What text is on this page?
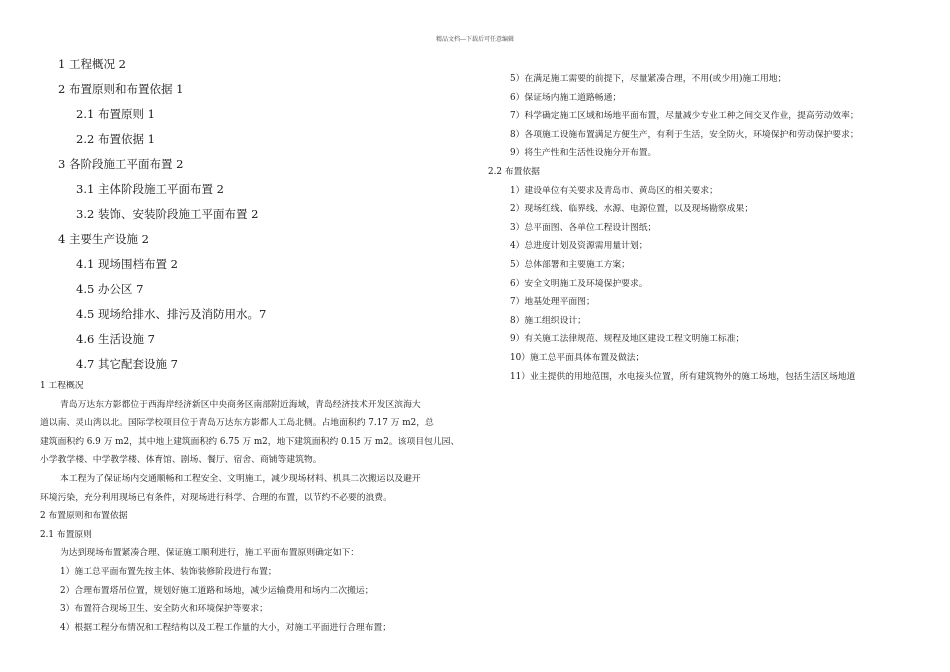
精品文档---下载后可任意编辑
1 工程概况 2
2 布置原则和布置依据 1
2.1 布置原则 1
2.2 布置依据 1
3 各阶段施工平面布置 2
3.1 主体阶段施工平面布置 2
3.2 装饰、安装阶段施工平面布置 2
4 主要生产设施 2
4.1 现场围档布置 2
4.5 办公区 7
4.5 现场给排水、排污及消防用水。7
4.6 生活设施 7
4.7 其它配套设施 7

1 工程概况

青岛万达东方影都位于西海岸经济新区中央商务区南部附近海域，青岛经济技术开发区滨海大

道以南、灵山湾以北。国际学校项目位于青岛万达东方影都人工岛北侧。占地面积约 7.17 万 m2，总

建筑面积约 6.9 万 m2，其中地上建筑面积约 6.75 万 m2，地下建筑面积约 0.15 万 m2。该项目包儿园、

小学教学楼、中学教学楼、体育馆、剧场、餐厅、宿舍、商铺等建筑物。

本工程为了保证场内交通顺畅和工程安全、文明施工，减少现场材料、机具二次搬运以及避开

环境污染，充分利用现场已有条件，对现场进行科学、合理的布置，以节约不必要的浪费。

2 布置原则和布置依据

2.1 布置原则

为达到现场布置紧凑合理、保证施工顺利进行，施工平面布置原则确定如下：

1）施工总平面布置先按主体、装饰装修阶段进行布置；

2）合理布置塔吊位置，规划好施工道路和场地，减少运输费用和场内二次搬运；

3）布置符合现场卫生、安全防火和环境保护等要求；

4）根据工程分布情况和工程结构以及工程工作量的大小，对施工平面进行合理布置；

5）在满足施工需要的前提下，尽量紧凑合理，不用(或少用)施工用地；

6）保证场内施工道路畅通；

7）科学确定施工区域和场地平面布置，尽量减少专业工种之间交叉作业，提高劳动效率；

8）各项施工设施布置满足方便生产，有利于生活，安全防火，环境保护和劳动保护要求；

9）将生产性和生活性设施分开布置。

2.2 布置依据

1）建设单位有关要求及青岛市、黄岛区的相关要求；

2）现场红线、临界线、水源、电源位置，以及现场勘察成果；

3）总平面图、各单位工程设计图纸；

4）总进度计划及资源需用量计划；

5）总体部署和主要施工方案；

6）安全文明施工及环境保护要求。

7）地基处理平面图；

8）施工组织设计；

9）有关施工法律规范、规程及地区建设工程文明施工标准；

10）施工总平面具体布置及做法；

11）业主提供的用地范围，水电接头位置，所有建筑物外的施工场地，包括生活区场地道
